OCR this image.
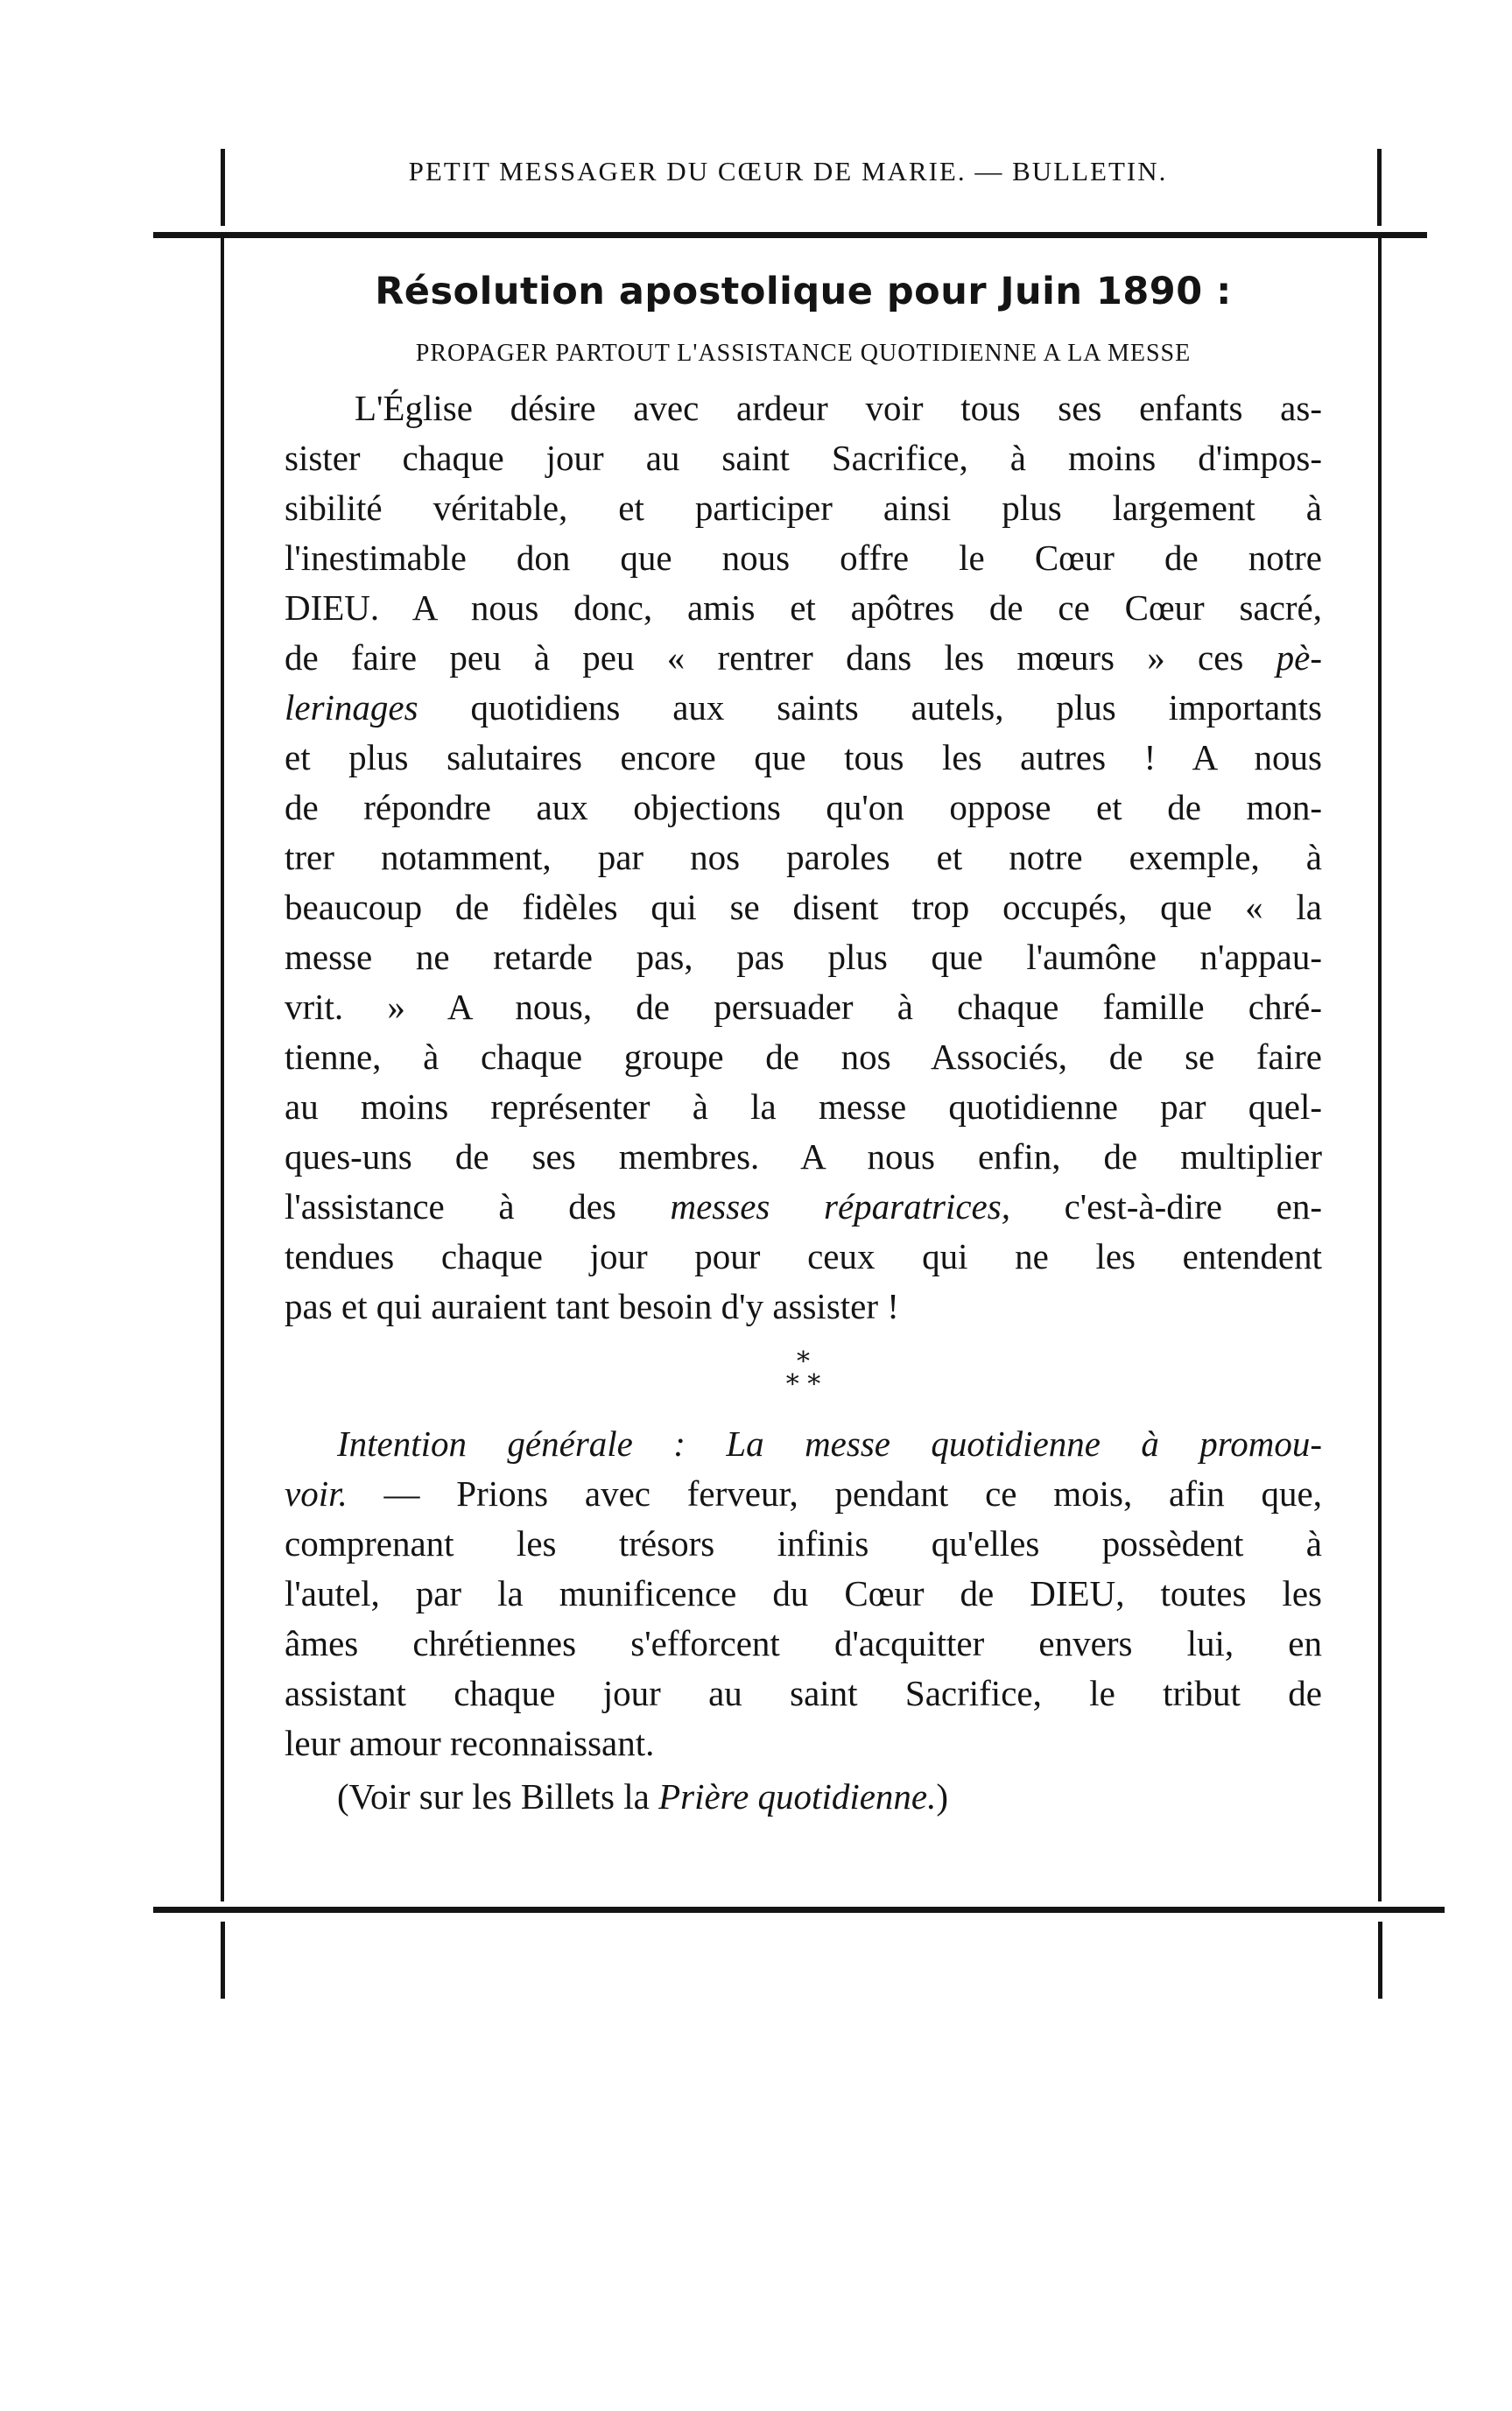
PETIT MESSAGER DU CŒUR DE MARIE. — BULLETIN.
Résolution apostolique pour Juin 1890 :
PROPAGER PARTOUT L'ASSISTANCE QUOTIDIENNE A LA MESSE
L'Église désire avec ardeur voir tous ses enfants as-
sister chaque jour au saint Sacrifice, à moins d'impos-
sibilité véritable, et participer ainsi plus largement à
l'inestimable don que nous offre le Cœur de notre
DIEU. A nous donc, amis et apôtres de ce Cœur sacré,
de faire peu à peu « rentrer dans les mœurs » ces pè-
lerinages quotidiens aux saints autels, plus importants
et plus salutaires encore que tous les autres ! A nous
de répondre aux objections qu'on oppose et de mon-
trer notamment, par nos paroles et notre exemple, à
beaucoup de fidèles qui se disent trop occupés, que « la
messe ne retarde pas, pas plus que l'aumône n'appau-
vrit. » A nous, de persuader à chaque famille chré-
tienne, à chaque groupe de nos Associés, de se faire
au moins représenter à la messe quotidienne par quel-
ques-uns de ses membres. A nous enfin, de multiplier
l'assistance à des messes réparatrices, c'est-à-dire en-
tendues chaque jour pour ceux qui ne les entendent
pas et qui auraient tant besoin d'y assister !
*
* *
Intention générale : La messe quotidienne à promou-
voir. — Prions avec ferveur, pendant ce mois, afin que,
comprenant les trésors infinis qu'elles possèdent à
l'autel, par la munificence du Cœur de DIEU, toutes les
âmes chrétiennes s'efforcent d'acquitter envers lui, en
assistant chaque jour au saint Sacrifice, le tribut de
leur amour reconnaissant.
(Voir sur les Billets la Prière quotidienne.)
